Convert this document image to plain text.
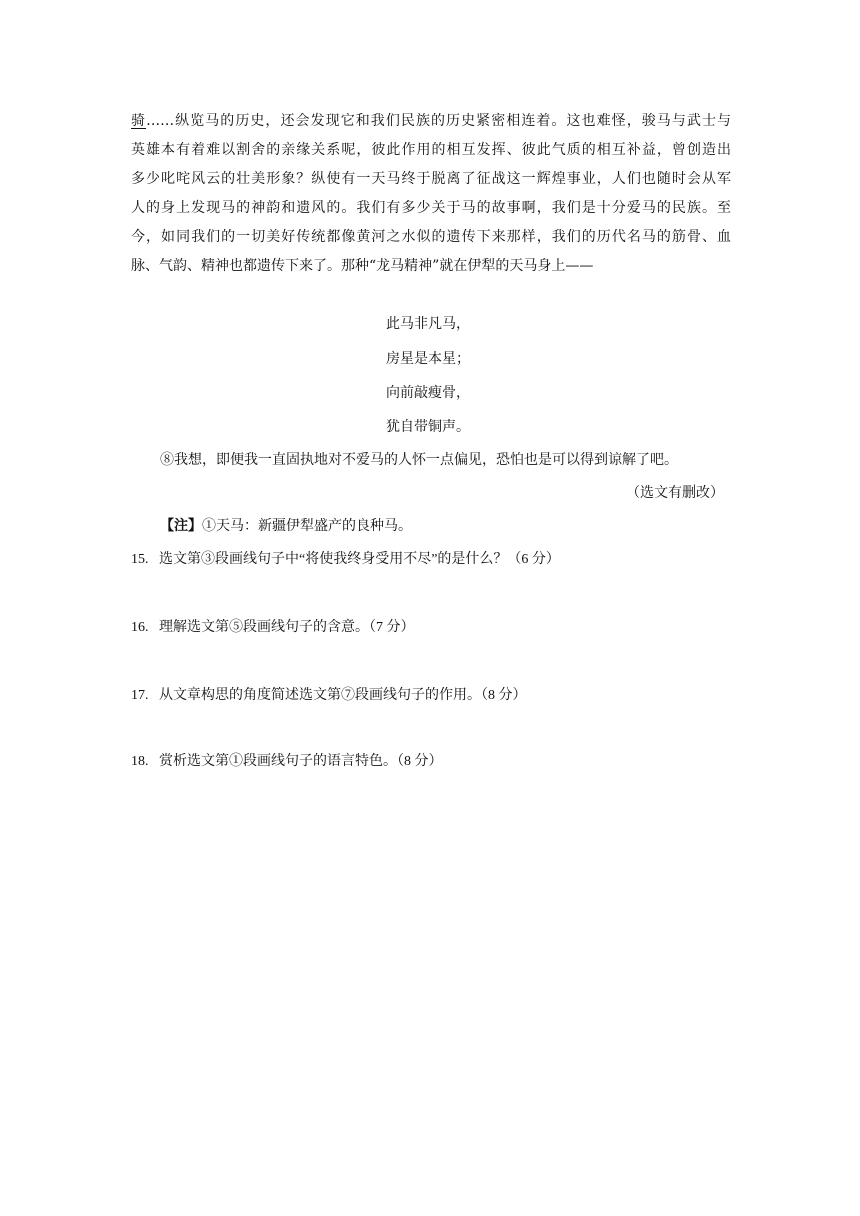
骑……纵览马的历史，还会发现它和我们民族的历史紧密相连着。这也难怪，骏马与武士与
英雄本有着难以割舍的亲缘关系呢，彼此作用的相互发挥、彼此气质的相互补益，曾创造出
多少叱咤风云的壮美形象？纵使有一天马终于脱离了征战这一辉煌事业，人们也随时会从军
人的身上发现马的神韵和遗风的。我们有多少关于马的故事啊，我们是十分爱马的民族。至
今，如同我们的一切美好传统都像黄河之水似的遗传下来那样，我们的历代名马的筋骨、血
脉、气韵、精神也都遗传下来了。那种“龙马精神”就在伊犁的天马身上——
此马非凡马，
房星是本星；
向前敲瘦骨，
犹自带铜声。
⑧我想，即便我一直固执地对不爱马的人怀一点偏见，恐怕也是可以得到谅解了吧。
（选文有删改）
【注】①天马：新疆伊犁盛产的良种马。
15. 选文第③段画线句子中“将使我终身受用不尽”的是什么？（6 分）
16. 理解选文第⑤段画线句子的含意。（7 分）
17. 从文章构思的角度简述选文第⑦段画线句子的作用。（8 分）
18. 赏析选文第①段画线句子的语言特色。（8 分）
